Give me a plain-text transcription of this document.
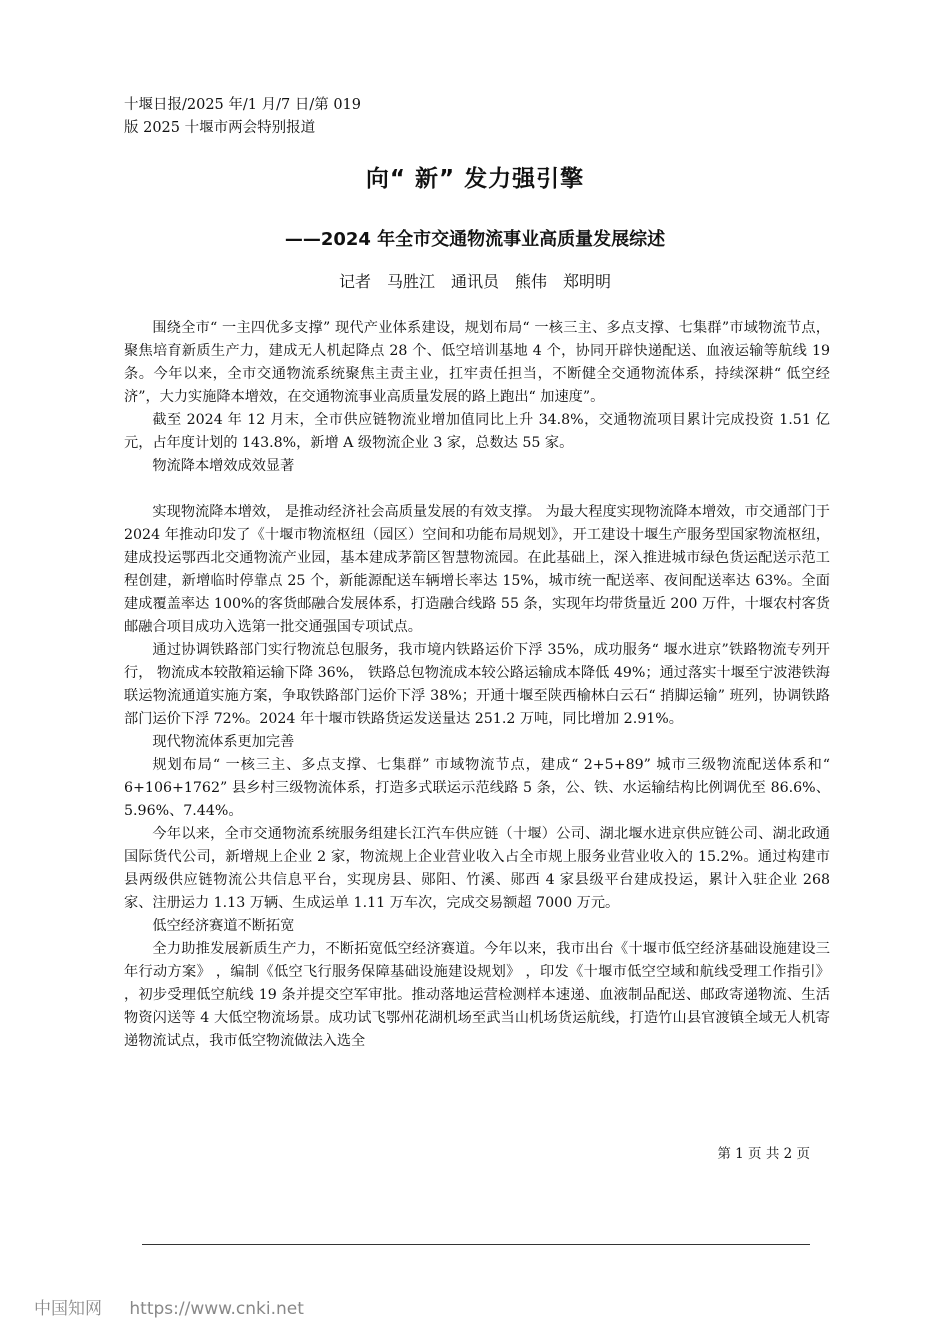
十堰日报/2025 年/1 月/7 日/第 019
版 2025 十堰市两会特别报道
向“ 新” 发力强引擎
——2024 年全市交通物流事业高质量发展综述
记者　马胜江　通讯员　熊伟　郑明明

围绕全市“ 一主四优多支撑” 现代产业体系建设，规划布局“ 一核三主、多点支撑、七集群”市域物流节点，聚焦培育新质生产力，建成无人机起降点 28 个、低空培训基地 4 个，协同开辟快递配送、血液运输等航线 19 条。今年以来，全市交通物流系统聚焦主责主业，扛牢责任担当，不断健全交通物流体系，持续深耕“ 低空经济”，大力实施降本增效，在交通物流事业高质量发展的路上跑出“ 加速度”。

截至 2024 年 12 月末，全市供应链物流业增加值同比上升 34.8%，交通物流项目累计完成投资 1.51 亿元，占年度计划的 143.8%，新增 A 级物流企业 3 家，总数达 55 家。

物流降本增效成效显著

实现物流降本增效， 是推动经济社会高质量发展的有效支撑。 为最大程度实现物流降本增效，市交通部门于 2024 年推动印发了《十堰市物流枢纽（园区）空间和功能布局规划》，开工建设十堰生产服务型国家物流枢纽，建成投运鄂西北交通物流产业园，基本建成茅箭区智慧物流园。在此基础上，深入推进城市绿色货运配送示范工程创建，新增临时停靠点 25 个，新能源配送车辆增长率达 15%，城市统一配送率、夜间配送率达 63%。全面建成覆盖率达 100%的客货邮融合发展体系，打造融合线路 55 条，实现年均带货量近 200 万件，十堰农村客货邮融合项目成功入选第一批交通强国专项试点。

通过协调铁路部门实行物流总包服务，我市境内铁路运价下浮 35%，成功服务“ 堰水进京”铁路物流专列开行， 物流成本较散箱运输下降 36%， 铁路总包物流成本较公路运输成本降低 49%；通过落实十堰至宁波港铁海联运物流通道实施方案，争取铁路部门运价下浮 38%；开通十堰至陕西榆林白云石“ 捎脚运输” 班列，协调铁路部门运价下浮 72%。2024 年十堰市铁路货运发送量达 251.2 万吨，同比增加 2.91%。

现代物流体系更加完善

规划布局“ 一核三主、多点支撑、七集群” 市域物流节点，建成“ 2+5+89” 城市三级物流配送体系和“ 6+106+1762” 县乡村三级物流体系，打造多式联运示范线路 5 条，公、铁、水运输结构比例调优至 86.6%、5.96%、7.44%。

今年以来，全市交通物流系统服务组建长江汽车供应链（十堰）公司、湖北堰水进京供应链公司、湖北政通国际货代公司，新增规上企业 2 家，物流规上企业营业收入占全市规上服务业营业收入的 15.2%。通过构建市县两级供应链物流公共信息平台，实现房县、郧阳、竹溪、郧西 4 家县级平台建成投运，累计入驻企业 268 家、注册运力 1.13 万辆、生成运单 1.11 万车次，完成交易额超 7000 万元。

低空经济赛道不断拓宽

全力助推发展新质生产力，不断拓宽低空经济赛道。今年以来，我市出台《十堰市低空经济基础设施建设三年行动方案》 ，编制《低空飞行服务保障基础设施建设规划》 ，印发《十堰市低空空域和航线受理工作指引》 ，初步受理低空航线 19 条并提交空军审批。推动落地运营检测样本速递、血液制品配送、邮政寄递物流、生活物资闪送等 4 大低空物流场景。成功试飞鄂州花湖机场至武当山机场货运航线，打造竹山县官渡镇全域无人机寄递物流试点，我市低空物流做法入选全

第 1 页 共 2 页
中国知网 https://www.cnki.net
